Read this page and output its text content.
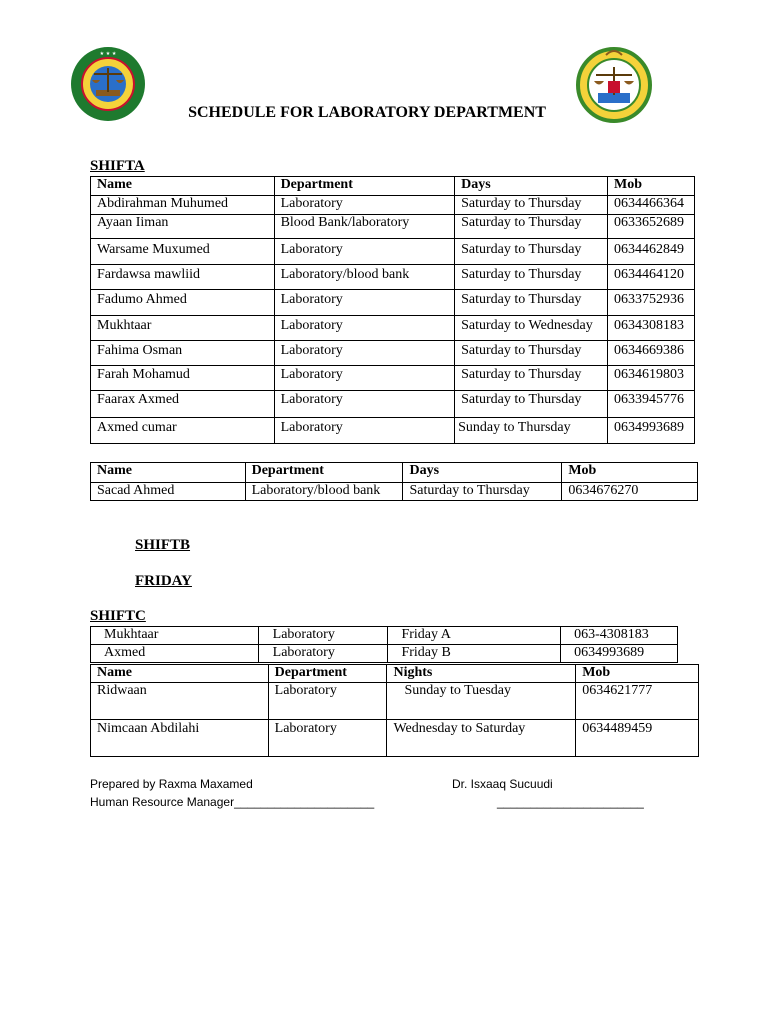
★ ★ ★
SCHEDULE FOR LABORATORY DEPARTMENT
SHIFTA
Name	Department	Days	Mob
Abdirahman Muhumed	Laboratory	Saturday to Thursday	0634466364
Ayaan Iiman	Blood Bank/laboratory	Saturday to Thursday	0633652689
Warsame Muxumed	Laboratory	Saturday to Thursday	0634462849
Fardawsa mawliid	Laboratory/blood bank	Saturday to Thursday	0634464120
Fadumo Ahmed	Laboratory	Saturday to Thursday	0633752936
Mukhtaar	Laboratory	Saturday to Wednesday	0634308183
Fahima Osman	Laboratory	Saturday to Thursday	0634669386
Farah Mohamud	Laboratory	Saturday to Thursday	0634619803
Faarax Axmed	Laboratory	Saturday to Thursday	0633945776
Axmed cumar	Laboratory	Sunday to Thursday	0634993689
Name	Department	Days	Mob
Sacad Ahmed	Laboratory/blood bank	Saturday to Thursday	0634676270
SHIFTB
FRIDAY
SHIFTC
Mukhtaar	Laboratory	Friday A	063-4308183
Axmed	Laboratory	Friday B	0634993689
Name	Department	Nights	Mob
Ridwaan	Laboratory	Sunday to Tuesday	0634621777
Nimcaan Abdilahi	Laboratory	Wednesday to Saturday	0634489459
Prepared by Raxma Maxamed
Human Resource Manager_____________________
Dr. Isxaaq Sucuudi
______________________
